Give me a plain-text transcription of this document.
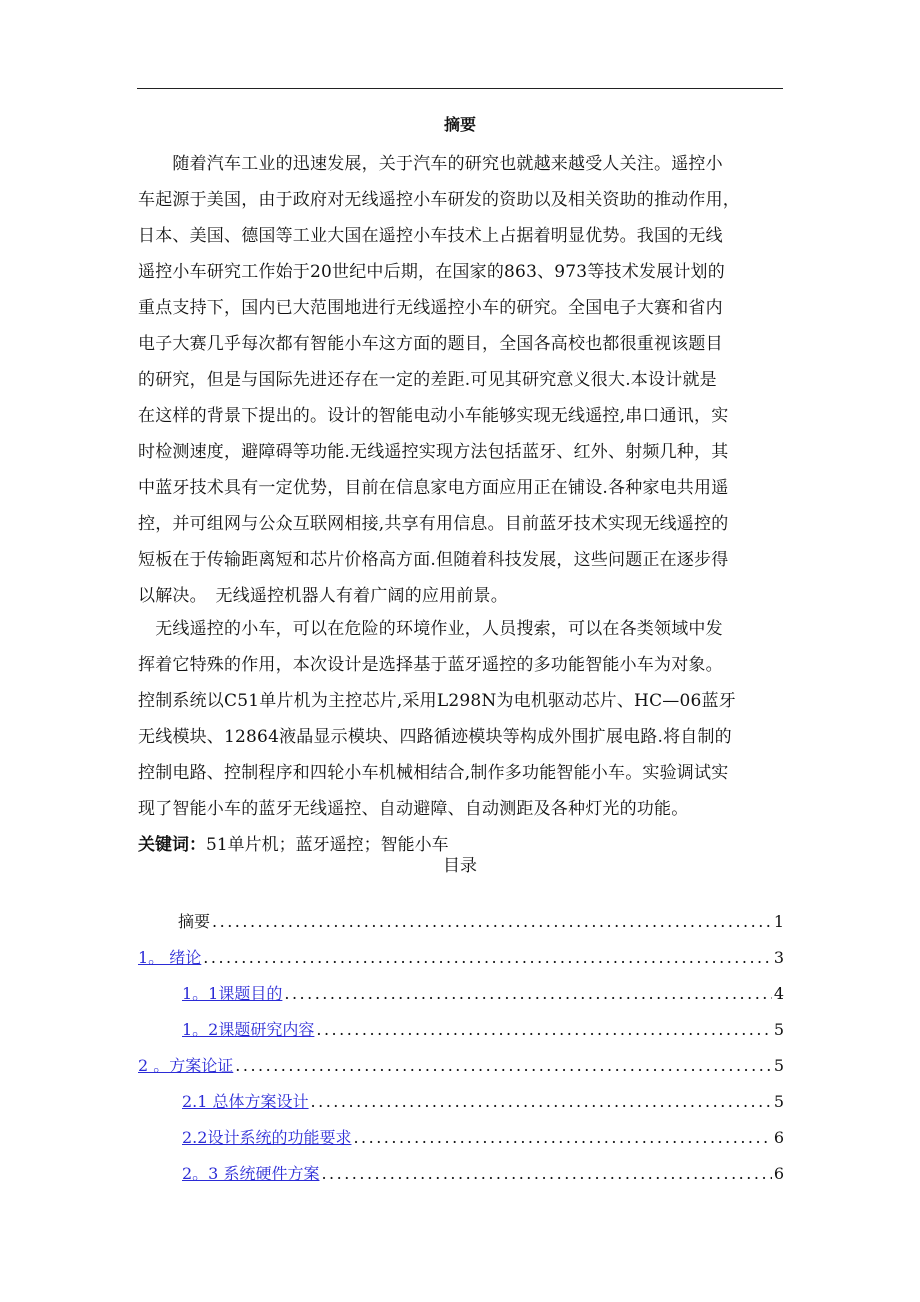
摘要

　　随着汽车工业的迅速发展，关于汽车的研究也就越来越受人关注。遥控小
车起源于美国，由于政府对无线遥控小车研发的资助以及相关资助的推动作用，
日本、美国、德国等工业大国在遥控小车技术上占据着明显优势。我国的无线
遥控小车研究工作始于20世纪中后期，在国家的863、973等技术发展计划的
重点支持下，国内已大范围地进行无线遥控小车的研究。全国电子大赛和省内
电子大赛几乎每次都有智能小车这方面的题目，全国各高校也都很重视该题目
的研究，但是与国际先进还存在一定的差距.可见其研究意义很大.本设计就是
在这样的背景下提出的。设计的智能电动小车能够实现无线遥控,串口通讯，实
时检测速度，避障碍等功能.无线遥控实现方法包括蓝牙、红外、射频几种，其
中蓝牙技术具有一定优势，目前在信息家电方面应用正在铺设.各种家电共用遥
控，并可组网与公众互联网相接,共享有用信息。目前蓝牙技术实现无线遥控的
短板在于传输距离短和芯片价格高方面.但随着科技发展，这些问题正在逐步得
以解决。　无线遥控机器人有着广阔的应用前景。

　无线遥控的小车，可以在危险的环境作业，人员搜索，可以在各类领域中发
挥着它特殊的作用，本次设计是选择基于蓝牙遥控的多功能智能小车为对象。
控制系统以C51单片机为主控芯片,采用L298N为电机驱动芯片、HC—06蓝牙
无线模块、12864液晶显示模块、四路循迹模块等构成外围扩展电路.将自制的
控制电路、控制程序和四轮小车机械相结合,制作多功能智能小车。实验调试实
现了智能小车的蓝牙无线遥控、自动避障、自动测距及各种灯光的功能。

关键词：51单片机；蓝牙遥控；智能小车
目录
摘要 .....	1
1。 绪论 .....	3
1。1课题目的 .....	4
1。2课题研究内容 .....	5
2 。方案论证 .....	5
2.1 总体方案设计 .....	5
2.2设计系统的功能要求 .....	6
2。3 系统硬件方案 .....	6
